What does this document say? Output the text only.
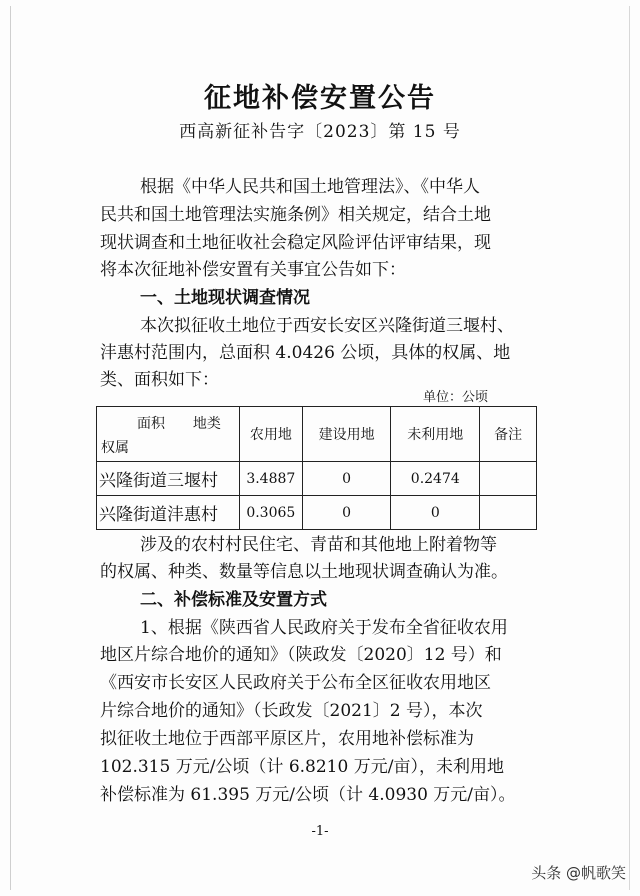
征地补偿安置公告
西高新征补告字〔2023〕第 15 号
根据《中华人民共和国土地管理法》、《中华人
民共和国土地管理法实施条例》相关规定，结合土地
现状调查和土地征收社会稳定风险评估评审结果，现
将本次征地补偿安置有关事宜公告如下：
一、土地现状调查情况
本次拟征收土地位于西安长安区兴隆街道三堰村、
沣惠村范围内，总面积 4.0426 公顷，具体的权属、地
类、面积如下：
单位：公顷
面积 地类
权属	农用地	建设用地	未利用地	备注
兴隆街道三堰村	3.4887	0	0.2474	
兴隆街道沣惠村	0.3065	0	0	
涉及的农村村民住宅、青苗和其他地上附着物等
的权属、种类、数量等信息以土地现状调查确认为准。
二、补偿标准及安置方式
1、根据《陕西省人民政府关于发布全省征收农用
地区片综合地价的通知》（陕政发〔2020〕12 号）和
《西安市长安区人民政府关于公布全区征收农用地区
片综合地价的通知》（长政发〔2021〕2 号），本次
拟征收土地位于西部平原区片，农用地补偿标准为
102.315 万元/公顷（计 6.8210 万元/亩），未利用地
补偿标准为 61.395 万元/公顷（计 4.0930 万元/亩）。
-1-
头条 @帆歌笑
